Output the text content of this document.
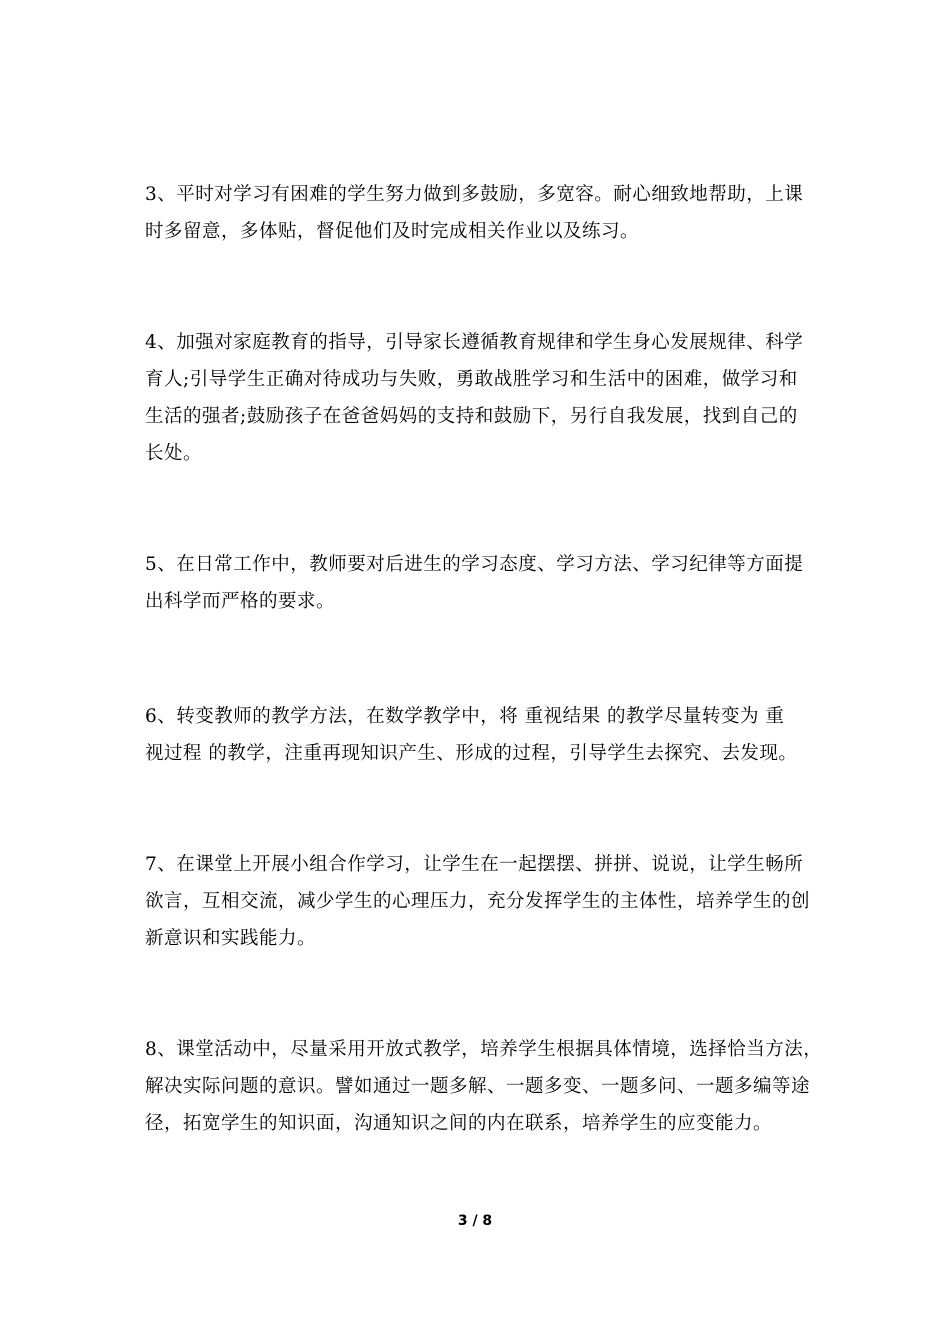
3、平时对学习有困难的学生努力做到多鼓励，多宽容。耐心细致地帮助，上课
时多留意，多体贴，督促他们及时完成相关作业以及练习。

4、加强对家庭教育的指导，引导家长遵循教育规律和学生身心发展规律、科学
育人;引导学生正确对待成功与失败，勇敢战胜学习和生活中的困难，做学习和
生活的强者;鼓励孩子在爸爸妈妈的支持和鼓励下，另行自我发展，找到自己的
长处。

5、在日常工作中，教师要对后进生的学习态度、学习方法、学习纪律等方面提
出科学而严格的要求。

6、转变教师的教学方法，在数学教学中，将 重视结果 的教学尽量转变为 重
视过程 的教学，注重再现知识产生、形成的过程，引导学生去探究、去发现。

7、在课堂上开展小组合作学习，让学生在一起摆摆、拼拼、说说，让学生畅所
欲言，互相交流，减少学生的心理压力，充分发挥学生的主体性，培养学生的创
新意识和实践能力。

8、课堂活动中，尽量采用开放式教学，培养学生根据具体情境，选择恰当方法，
解决实际问题的意识。譬如通过一题多解、一题多变、一题多问、一题多编等途
径，拓宽学生的知识面，沟通知识之间的内在联系，培养学生的应变能力。

3 / 8
